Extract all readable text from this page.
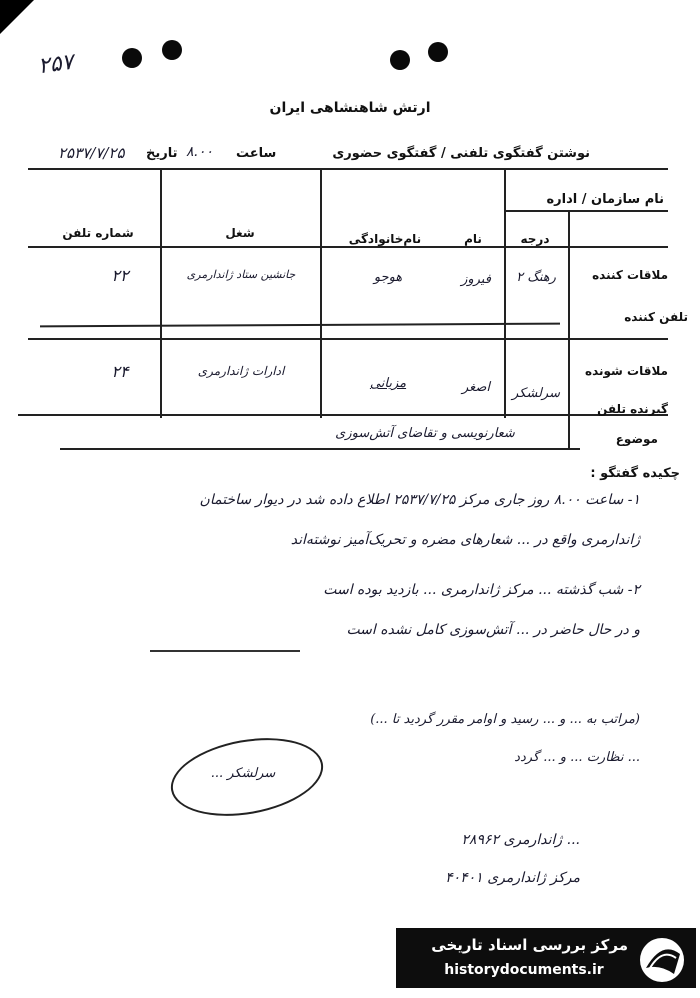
۲۵۷
ارتش شاهنشاهی ایران
نوشتن گفتگوی تلفنی / گفتگوی حضوری
ساعت
۸.۰۰
تاریخ
۲۵۳۷/۷/۲۵
نام سازمان / اداره
درجه
نام
نام‌خانوادگی
شغل
شماره تلفن
ملاقات کننده
رهنگ ۲
فیروز
هوجو
جانشین ستاد ژاندارمری
۲۲
تلفن کننده
ملاقات شونده
سرلشکر
اصغر
مزیانی
ادارات ژاندارمری
۲۴
گیرنده تلفن
موضوع
شعارنویسی و تقاضای آتش‌سوزی
چکیده گفتگو :
۱- ساعت ۸.۰۰ روز جاری مرکز ۲۵۳۷/۷/۲۵ اطلاع داده شد در دیوار ساختمان
ژاندارمری واقع در ... شعارهای مضره و تحریک‌آمیز نوشته‌اند
۲- شب گذشته ... مرکز ژاندارمری ... بازدید بوده است
و در حال حاضر در ... آتش‌سوزی کامل نشده است
(مراتب به ... و ... رسید و اوامر مقرر گردید تا ...)
... نظارت ... و ... گردد
سرلشکر ...
... ژاندارمری ۲۸۹۶۲
مرکز ژاندارمری ۴۰۴۰۱
مرکز بررسی اسناد تاریخی
historydocuments.ir
